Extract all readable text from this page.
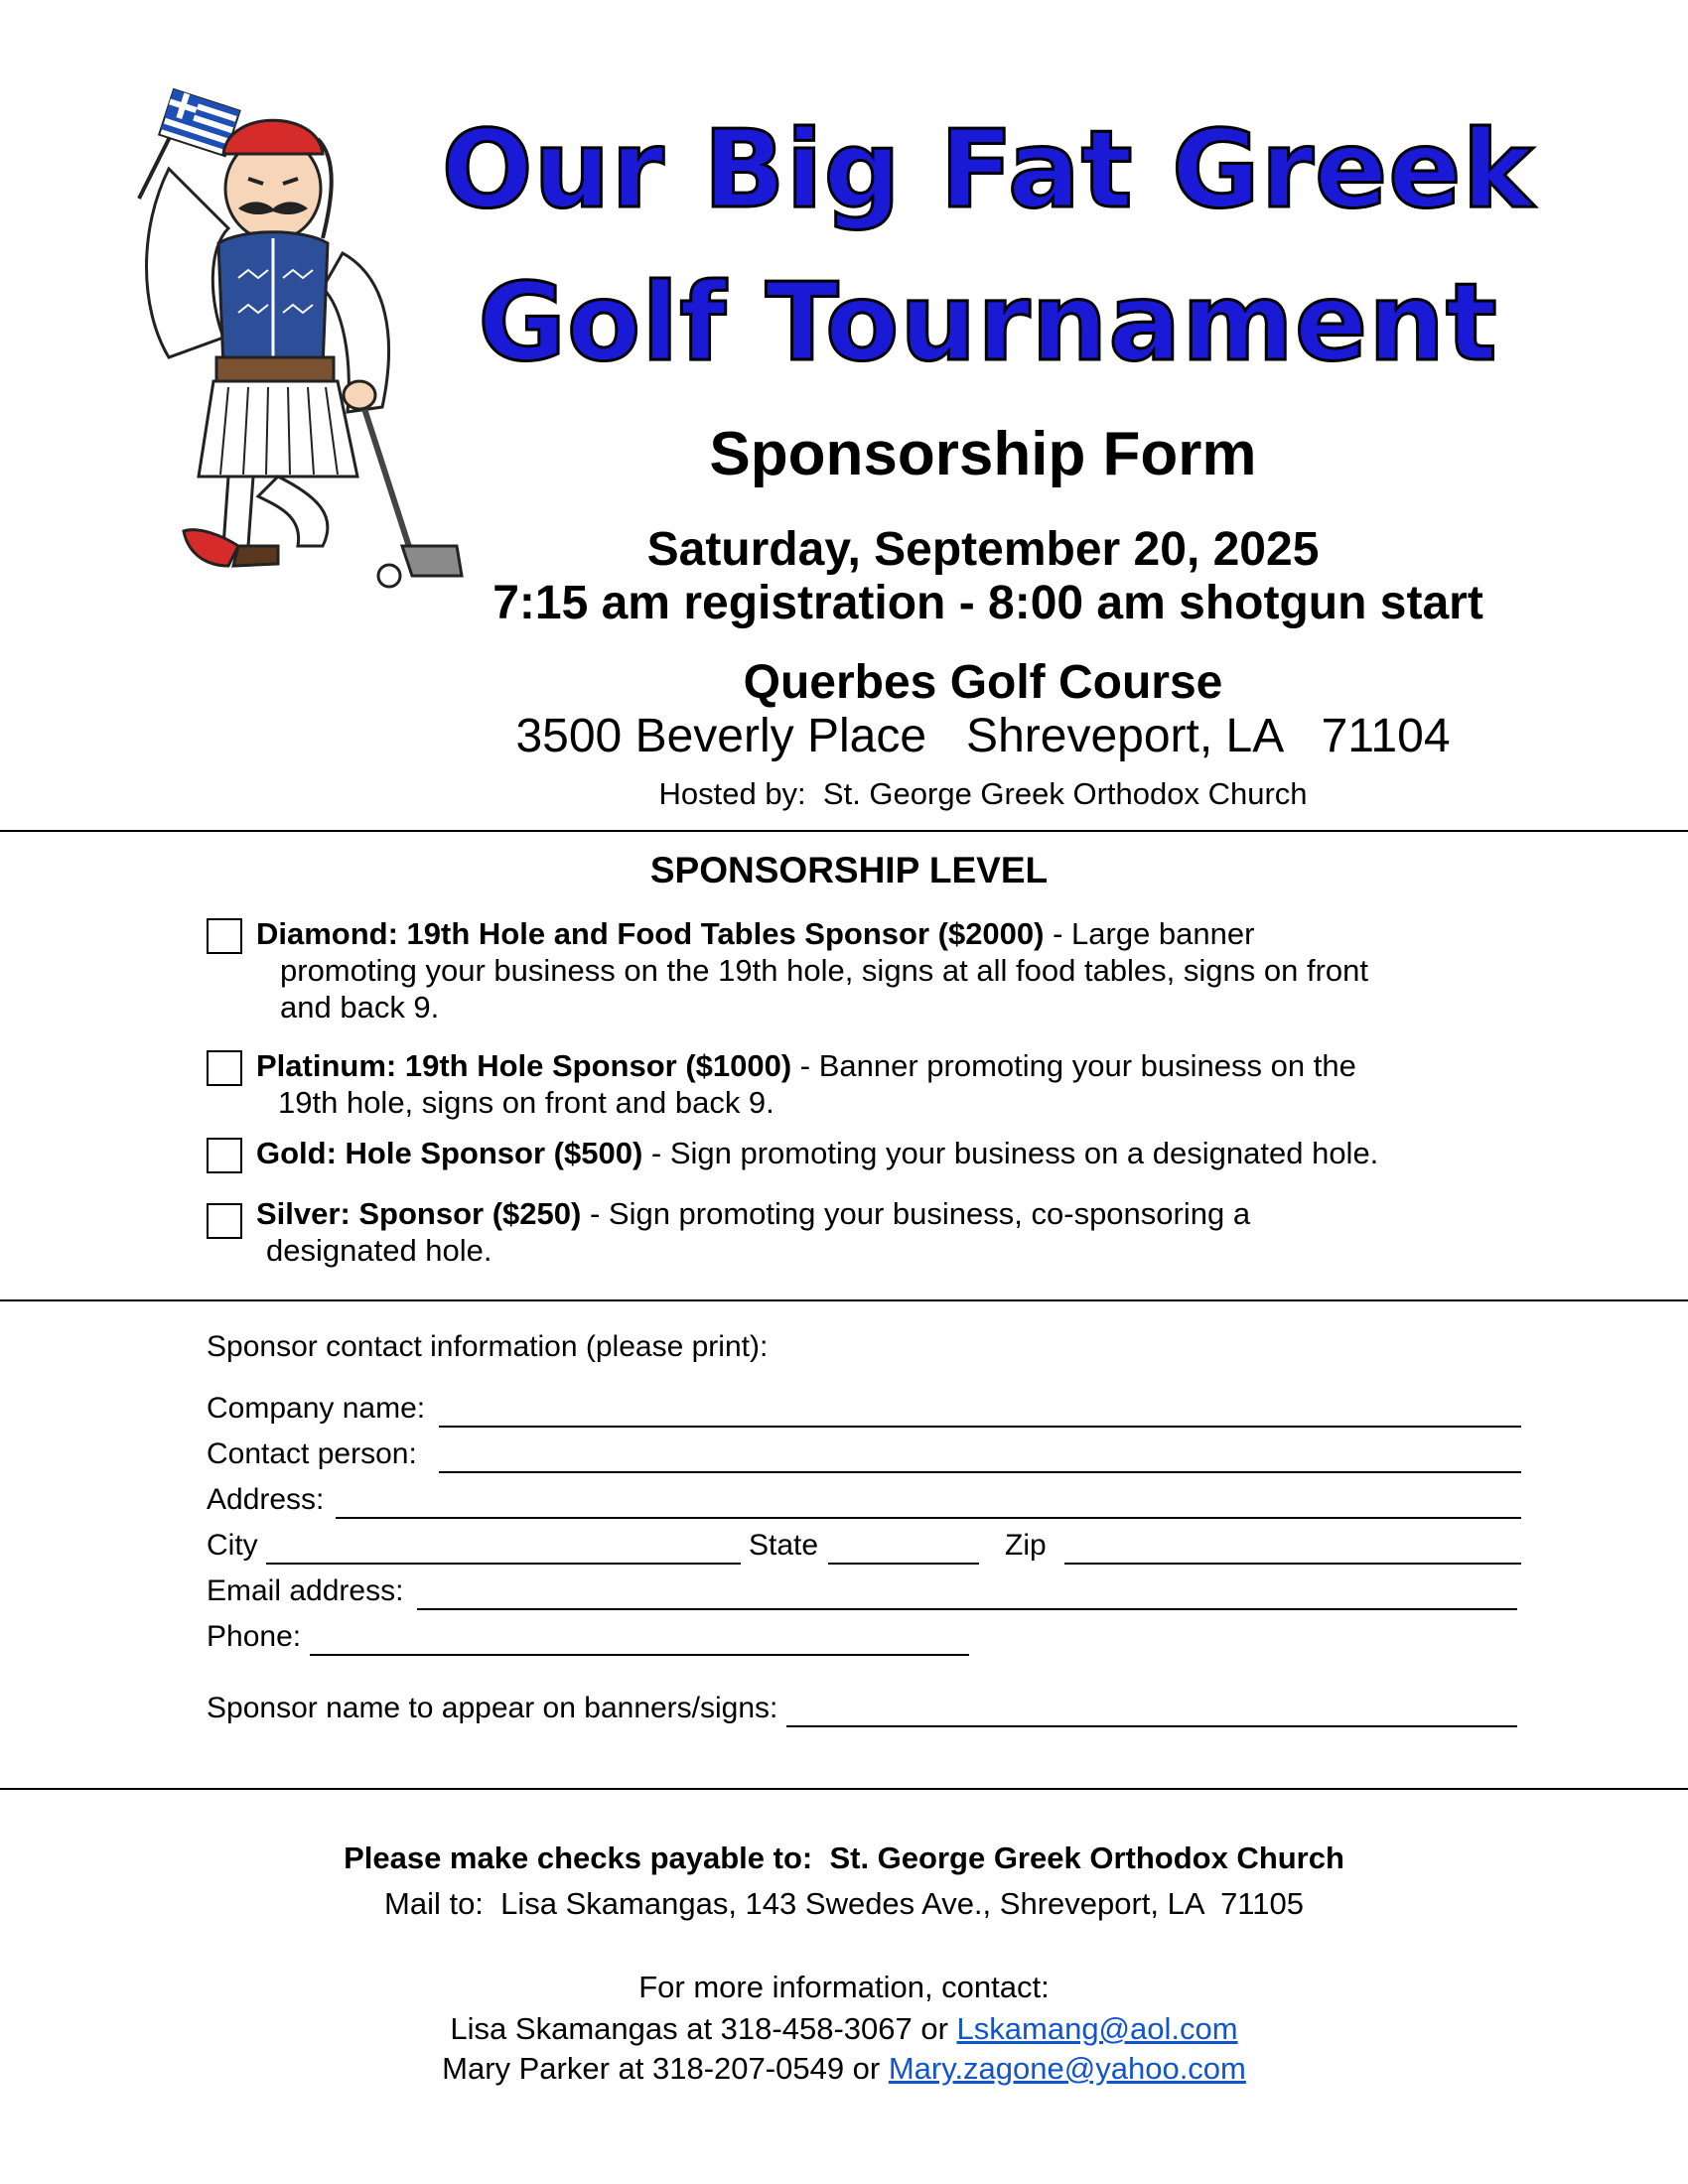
Our Big Fat Greek
Golf Tournament
Sponsorship Form
Saturday, September 20, 2025
7:15 am registration - 8:00 am shotgun start
Querbes Golf Course
3500 Beverly Place   Shreveport, LA   71104
Hosted by:  St. George Greek Orthodox Church
SPONSORSHIP LEVEL
Diamond: 19th Hole and Food Tables Sponsor ($2000) - Large banner
promoting your business on the 19th hole, signs at all food tables, signs on front
and back 9.
Platinum: 19th Hole Sponsor ($1000) - Banner promoting your business on the
19th hole, signs on front and back 9.
Gold: Hole Sponsor ($500) - Sign promoting your business on a designated hole.
Silver: Sponsor ($250) - Sign promoting your business, co-sponsoring a
designated hole.
Sponsor contact information (please print):
Company name:
Contact person:
Address:
City	State	Zip
Email address:
Phone:
Sponsor name to appear on banners/signs:
Please make checks payable to:  St. George Greek Orthodox Church
Mail to:  Lisa Skamangas, 143 Swedes Ave., Shreveport, LA  71105
For more information, contact:
Lisa Skamangas at 318-458-3067 or Lskamang@aol.com
Mary Parker at 318-207-0549 or Mary.zagone@yahoo.com
